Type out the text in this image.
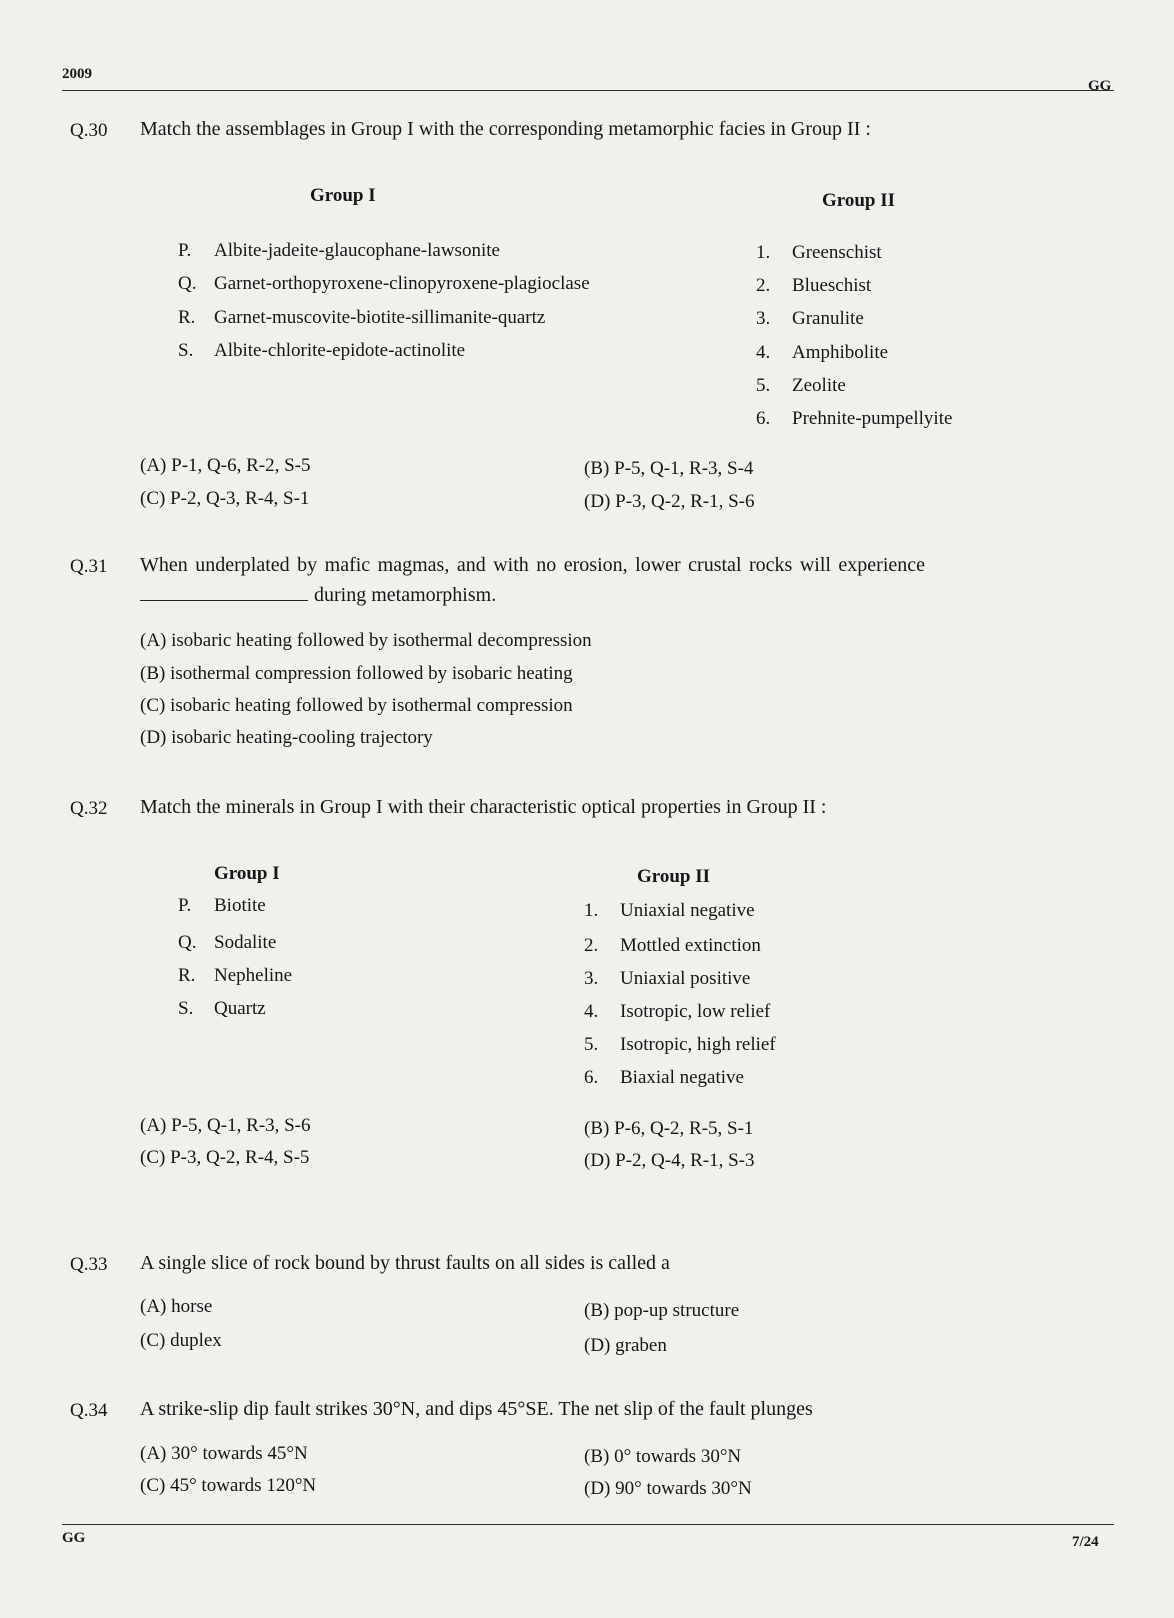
2009
GG
Q.30 Match the assemblages in Group I with the corresponding metamorphic facies in Group II :
Group I	Group II
P. Albite-jadeite-glaucophane-lawsonite
Q. Garnet-orthopyroxene-clinopyroxene-plagioclase
R. Garnet-muscovite-biotite-sillimanite-quartz
S. Albite-chlorite-epidote-actinolite
1. Greenschist
2. Blueschist
3. Granulite
4. Amphibolite
5. Zeolite
6. Prehnite-pumpellyite
(A) P-1, Q-6, R-2, S-5	(B) P-5, Q-1, R-3, S-4
(C) P-2, Q-3, R-4, S-1	(D) P-3, Q-2, R-1, S-6
Q.31 When underplated by mafic magmas, and with no erosion, lower crustal rocks will experience
during metamorphism.
(A) isobaric heating followed by isothermal decompression
(B) isothermal compression followed by isobaric heating
(C) isobaric heating followed by isothermal compression
(D) isobaric heating-cooling trajectory
Q.32 Match the minerals in Group I with their characteristic optical properties in Group II :
Group I	Group II
P. Biotite
Q. Sodalite
R. Nepheline
S. Quartz
1. Uniaxial negative
2. Mottled extinction
3. Uniaxial positive
4. Isotropic, low relief
5. Isotropic, high relief
6. Biaxial negative
(A) P-5, Q-1, R-3, S-6	(B) P-6, Q-2, R-5, S-1
(C) P-3, Q-2, R-4, S-5	(D) P-2, Q-4, R-1, S-3
Q.33 A single slice of rock bound by thrust faults on all sides is called a
(A) horse	(B) pop-up structure
(C) duplex	(D) graben
Q.34 A strike-slip dip fault strikes 30°N, and dips 45°SE. The net slip of the fault plunges
(A) 30° towards 45°N	(B) 0° towards 30°N
(C) 45° towards 120°N	(D) 90° towards 30°N
GG	7/24
